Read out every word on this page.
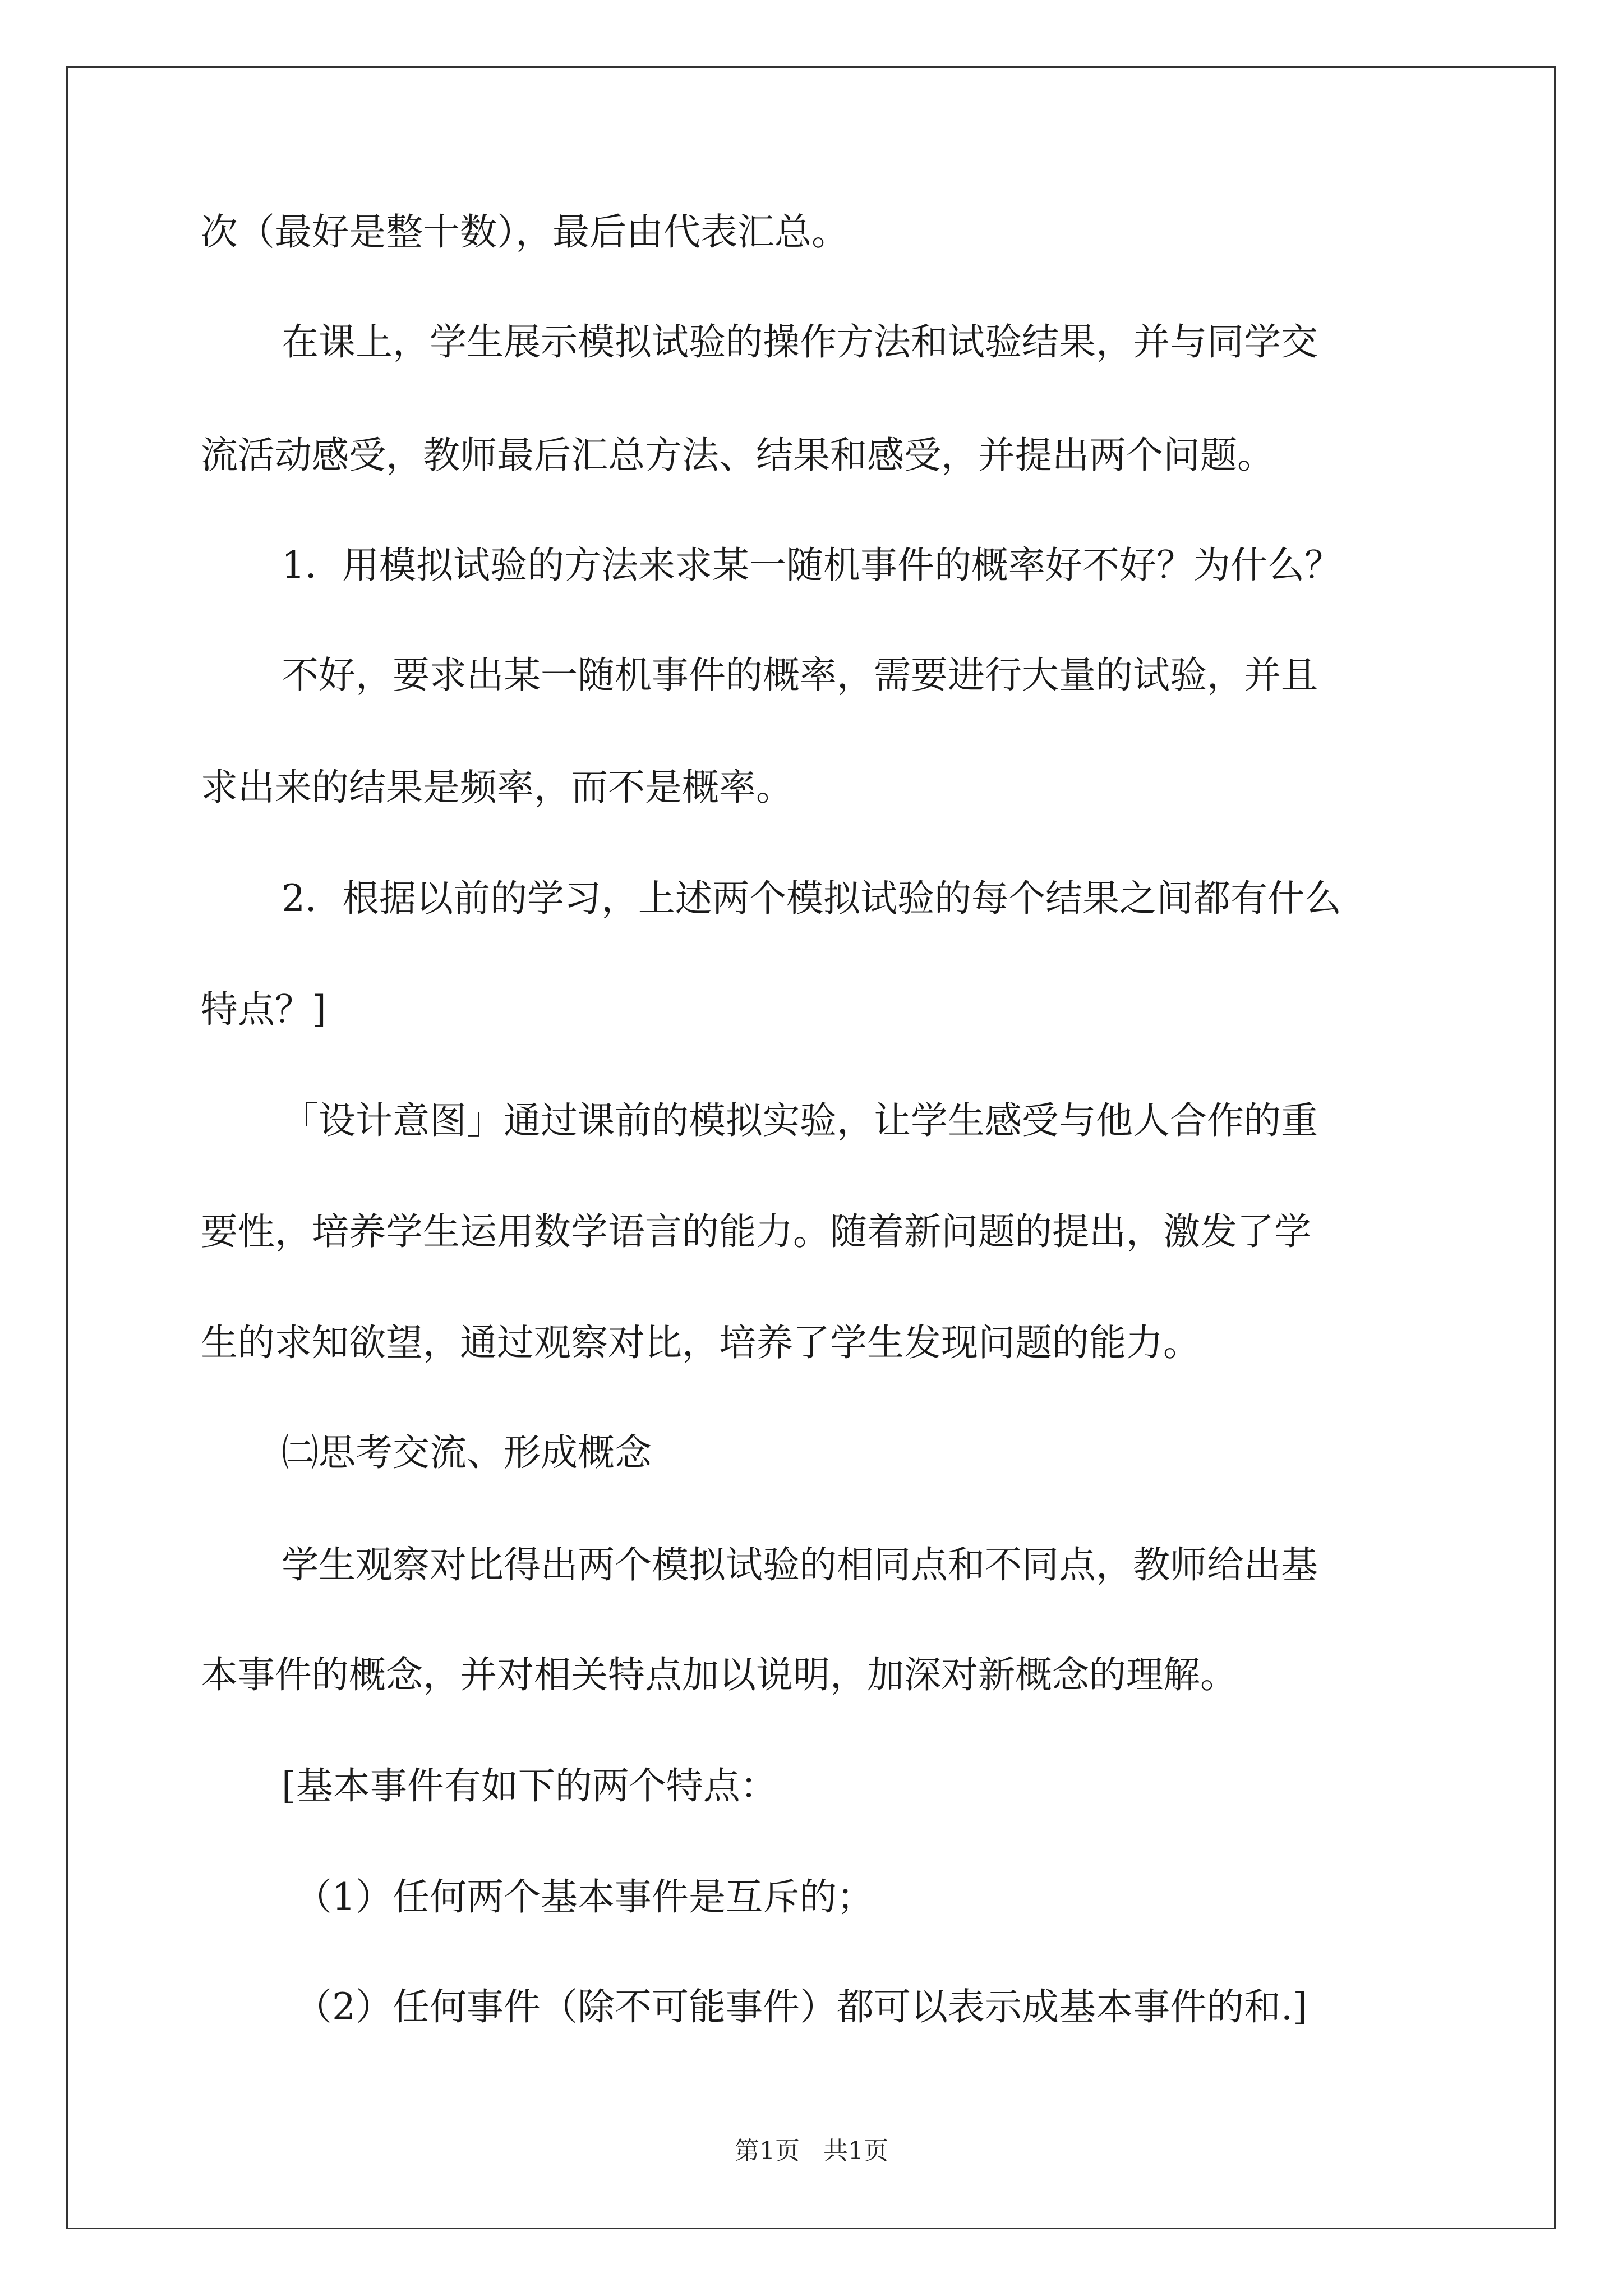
次（最好是整十数），最后由代表汇总。
在课上，学生展示模拟试验的操作方法和试验结果，并与同学交
流活动感受，教师最后汇总方法、结果和感受，并提出两个问题。
1．用模拟试验的方法来求某一随机事件的概率好不好？为什么？
不好，要求出某一随机事件的概率，需要进行大量的试验，并且
求出来的结果是频率，而不是概率。
2．根据以前的学习，上述两个模拟试验的每个结果之间都有什么
特点？]
「设计意图」通过课前的模拟实验，让学生感受与他人合作的重
要性，培养学生运用数学语言的能力。随着新问题的提出，激发了学
生的求知欲望，通过观察对比，培养了学生发现问题的能力。
㈡思考交流、形成概念
学生观察对比得出两个模拟试验的相同点和不同点，教师给出基
本事件的概念，并对相关特点加以说明，加深对新概念的理解。
[基本事件有如下的两个特点：
（1）任何两个基本事件是互斥的；
（2）任何事件（除不可能事件）都可以表示成基本事件的和.]
第1页   共1页
